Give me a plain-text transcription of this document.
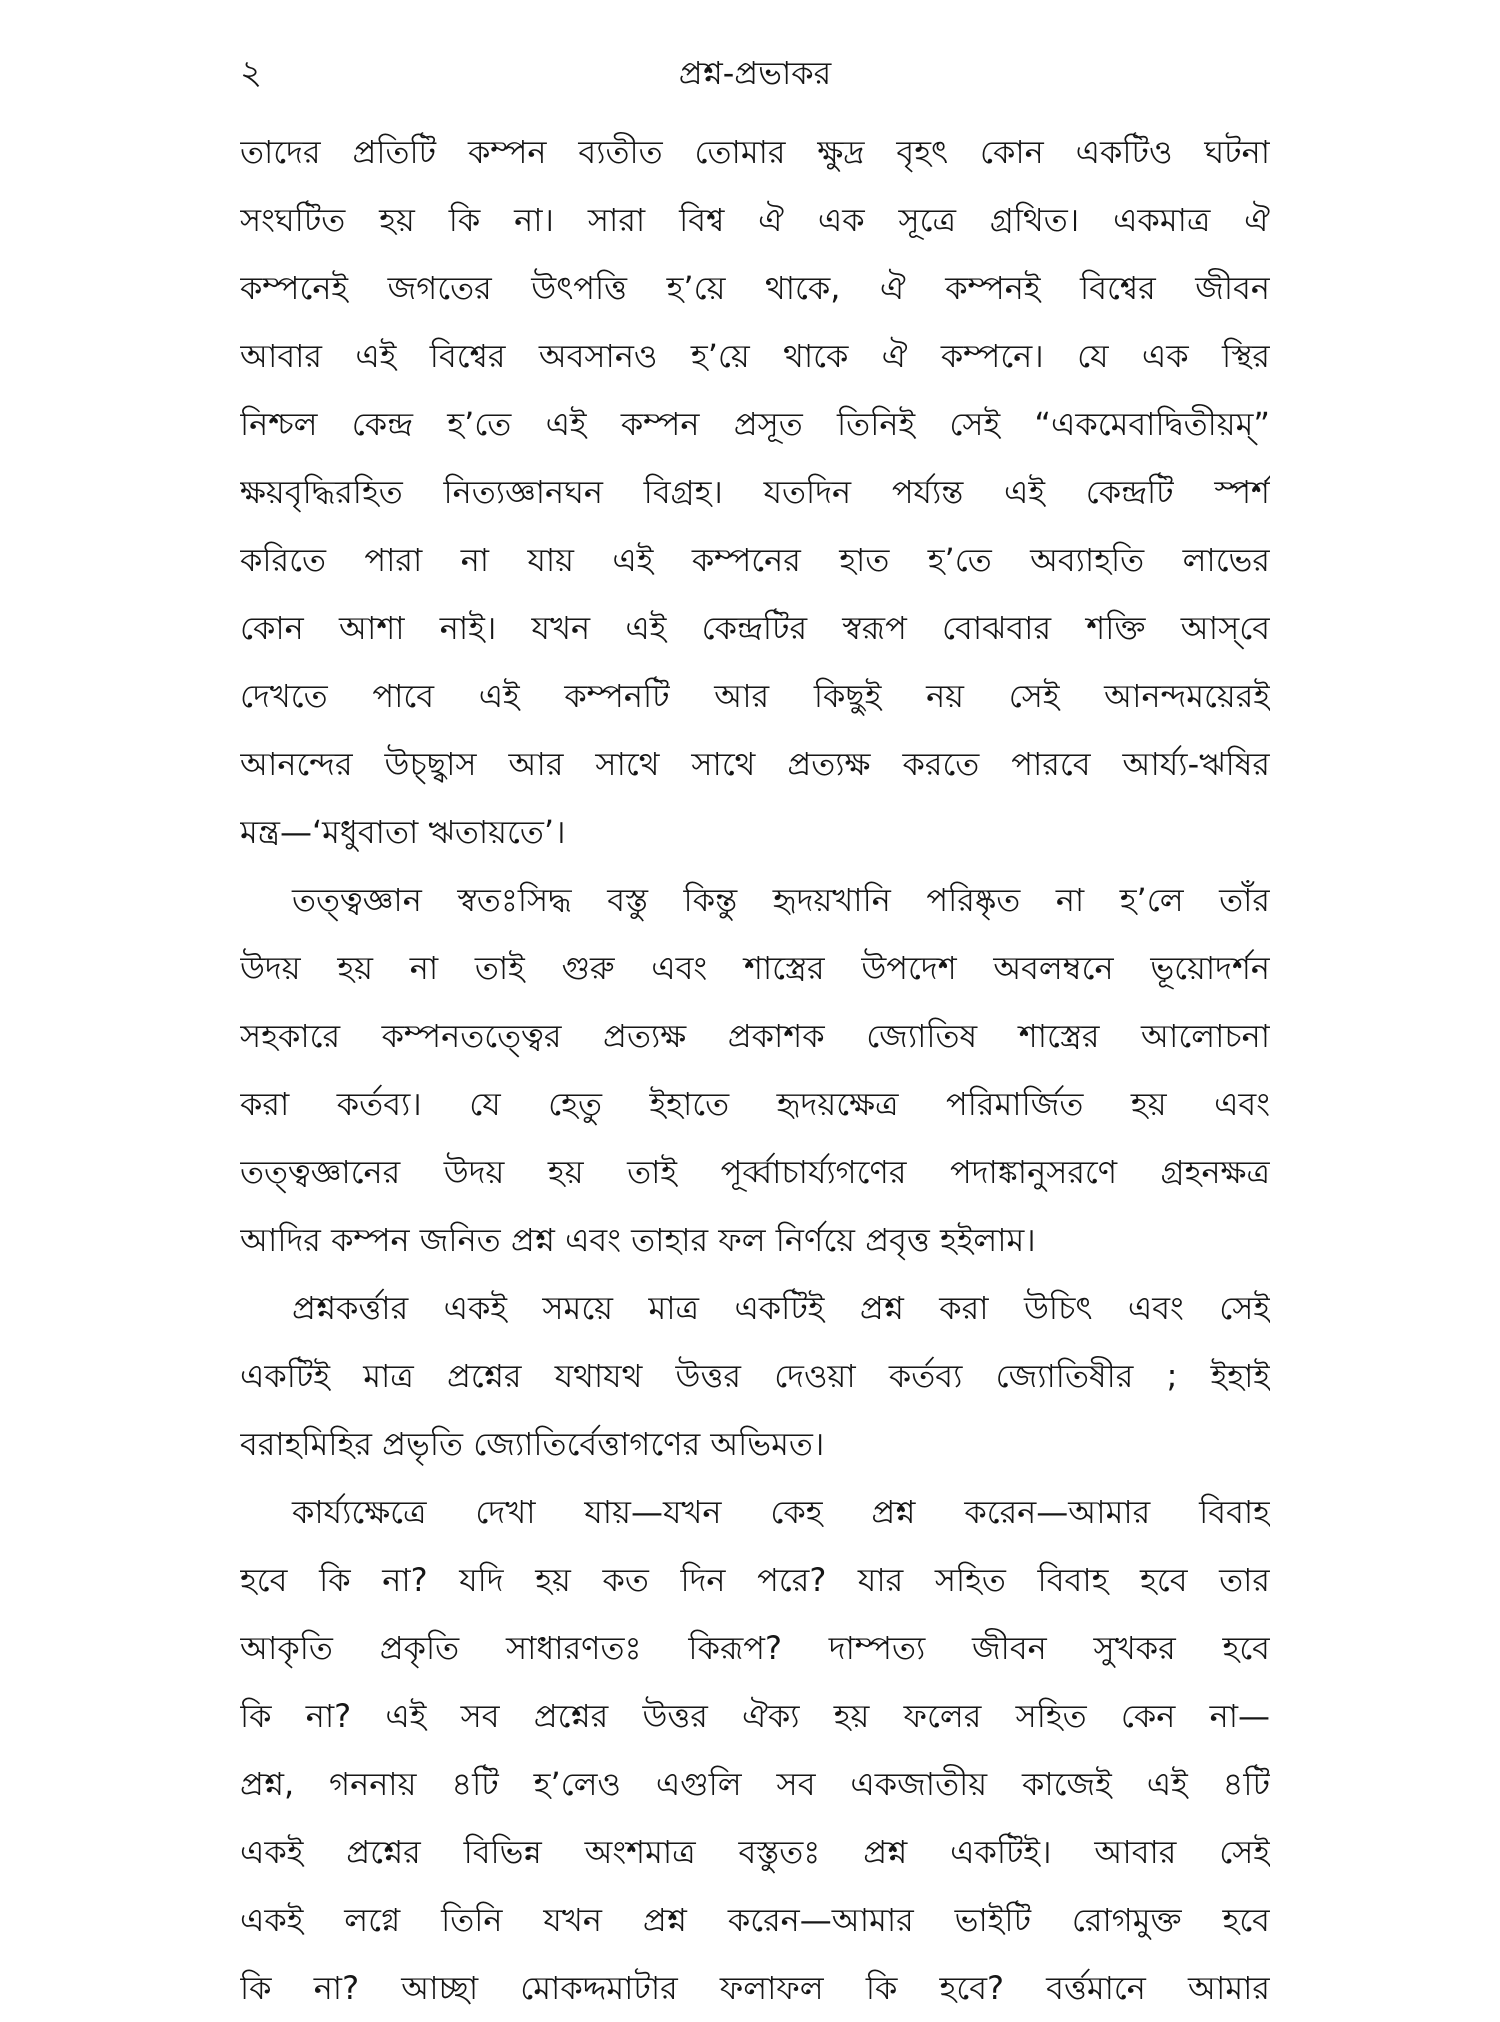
২	প্রশ্ন-প্রভাকর
তাদের প্রতিটি কম্পন ব্যতীত তোমার ক্ষুদ্র বৃহৎ কোন একটিও ঘটনা
সংঘটিত হয় কি না। সারা বিশ্ব ঐ এক সূত্রে গ্রথিত। একমাত্র ঐ
কম্পনেই জগতের উৎপত্তি হ’য়ে থাকে, ঐ কম্পনই বিশ্বের জীবন
আবার এই বিশ্বের অবসানও হ’য়ে থাকে ঐ কম্পনে। যে এক স্থির
নিশ্চল কেন্দ্র হ’তে এই কম্পন প্রসূত তিনিই সেই “একমেবাদ্বিতীয়ম্”
ক্ষয়বৃদ্ধিরহিত নিত্যজ্ঞানঘন বিগ্রহ। যতদিন পর্য্যন্ত এই কেন্দ্রটি স্পর্শ
করিতে পারা না যায় এই কম্পনের হাত হ’তে অব্যাহতি লাভের
কোন আশা নাই। যখন এই কেন্দ্রটির স্বরূপ বোঝবার শক্তি আস্‌বে
দেখতে পাবে এই কম্পনটি আর কিছুই নয় সেই আনন্দময়েরই
আনন্দের উচ্ছ্বাস আর সাথে সাথে প্রত্যক্ষ করতে পারবে আর্য্য-ঋষির
মন্ত্র—‘মধুবাতা ঋতায়তে’।
তত্ত্বজ্ঞান স্বতঃসিদ্ধ বস্তু কিন্তু হৃদয়খানি পরিষ্কৃত না হ’লে তাঁর
উদয় হয় না তাই গুরু এবং শাস্ত্রের উপদেশ অবলম্বনে ভূয়োদর্শন
সহকারে কম্পনতত্ত্বের প্রত্যক্ষ প্রকাশক জ্যোতিষ শাস্ত্রের আলোচনা
করা কর্তব্য। যে হেতু ইহাতে হৃদয়ক্ষেত্র পরিমার্জিত হয় এবং
তত্ত্বজ্ঞানের উদয় হয় তাই পূর্ব্বাচার্য্যগণের পদাঙ্কানুসরণে গ্রহনক্ষত্র
আদির কম্পন জনিত প্রশ্ন এবং তাহার ফল নির্ণয়ে প্রবৃত্ত হইলাম।
প্রশ্নকর্ত্তার একই সময়ে মাত্র একটিই প্রশ্ন করা উচিৎ এবং সেই
একটিই মাত্র প্রশ্নের যথাযথ উত্তর দেওয়া কর্তব্য জ্যোতিষীর ; ইহাই
বরাহমিহির প্রভৃতি জ্যোতির্বেত্তাগণের অভিমত।
কার্য্যক্ষেত্রে দেখা যায়—যখন কেহ প্রশ্ন করেন—আমার বিবাহ
হবে কি না? যদি হয় কত দিন পরে? যার সহিত বিবাহ হবে তার
আকৃতি প্রকৃতি সাধারণতঃ কিরূপ? দাম্পত্য জীবন সুখকর হবে
কি না? এই সব প্রশ্নের উত্তর ঐক্য হয় ফলের সহিত কেন না—
প্রশ্ন, গননায় ৪টি হ’লেও এগুলি সব একজাতীয় কাজেই এই ৪টি
একই প্রশ্নের বিভিন্ন অংশমাত্র বস্তুতঃ প্রশ্ন একটিই। আবার সেই
একই লগ্নে তিনি যখন প্রশ্ন করেন—আমার ভাইটি রোগমুক্ত হবে
কি না? আচ্ছা মোকদ্দমাটার ফলাফল কি হবে? বর্ত্তমানে আমার
